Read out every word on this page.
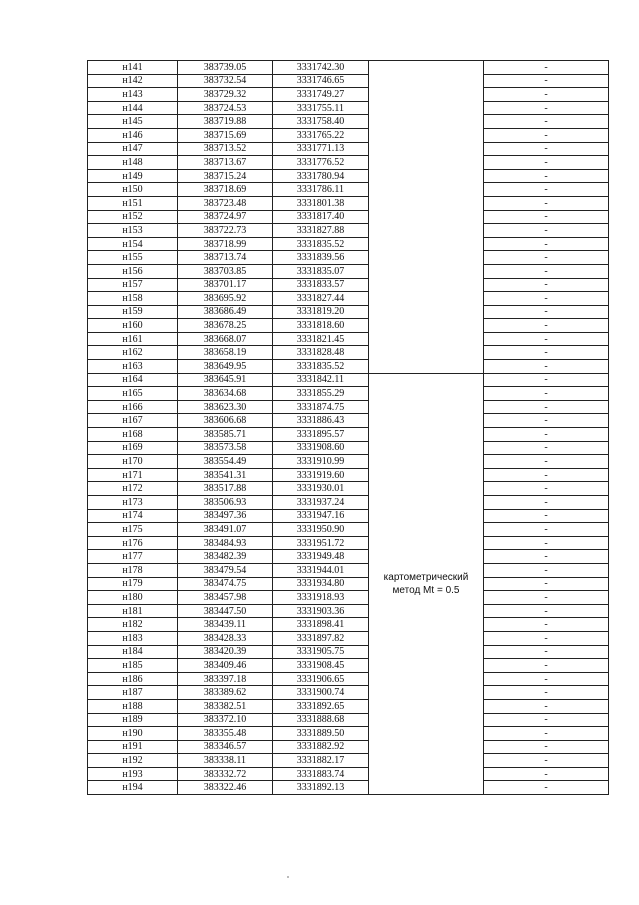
н141	383739.05	3331742.30		-
н142	383732.54	3331746.65		-
н143	383729.32	3331749.27		-
н144	383724.53	3331755.11		-
н145	383719.88	3331758.40		-
н146	383715.69	3331765.22		-
н147	383713.52	3331771.13		-
н148	383713.67	3331776.52		-
н149	383715.24	3331780.94		-
н150	383718.69	3331786.11		-
н151	383723.48	3331801.38		-
н152	383724.97	3331817.40		-
н153	383722.73	3331827.88		-
н154	383718.99	3331835.52		-
н155	383713.74	3331839.56		-
н156	383703.85	3331835.07		-
н157	383701.17	3331833.57		-
н158	383695.92	3331827.44		-
н159	383686.49	3331819.20		-
н160	383678.25	3331818.60		-
н161	383668.07	3331821.45		-
н162	383658.19	3331828.48		-
н163	383649.95	3331835.52		-
н164	383645.91	3331842.11	картометрический метод Mt = 0.5	-
н165	383634.68	3331855.29		-
н166	383623.30	3331874.75		-
н167	383606.68	3331886.43		-
н168	383585.71	3331895.57		-
н169	383573.58	3331908.60		-
н170	383554.49	3331910.99		-
н171	383541.31	3331919.60		-
н172	383517.88	3331930.01		-
н173	383506.93	3331937.24		-
н174	383497.36	3331947.16		-
н175	383491.07	3331950.90		-
н176	383484.93	3331951.72		-
н177	383482.39	3331949.48		-
н178	383479.54	3331944.01		-
н179	383474.75	3331934.80		-
н180	383457.98	3331918.93		-
н181	383447.50	3331903.36		-
н182	383439.11	3331898.41		-
н183	383428.33	3331897.82		-
н184	383420.39	3331905.75		-
н185	383409.46	3331908.45		-
н186	383397.18	3331906.65		-
н187	383389.62	3331900.74		-
н188	383382.51	3331892.65		-
н189	383372.10	3331888.68		-
н190	383355.48	3331889.50		-
н191	383346.57	3331882.92		-
н192	383338.11	3331882.17		-
н193	383332.72	3331883.74		-
н194	383322.46	3331892.13		-
